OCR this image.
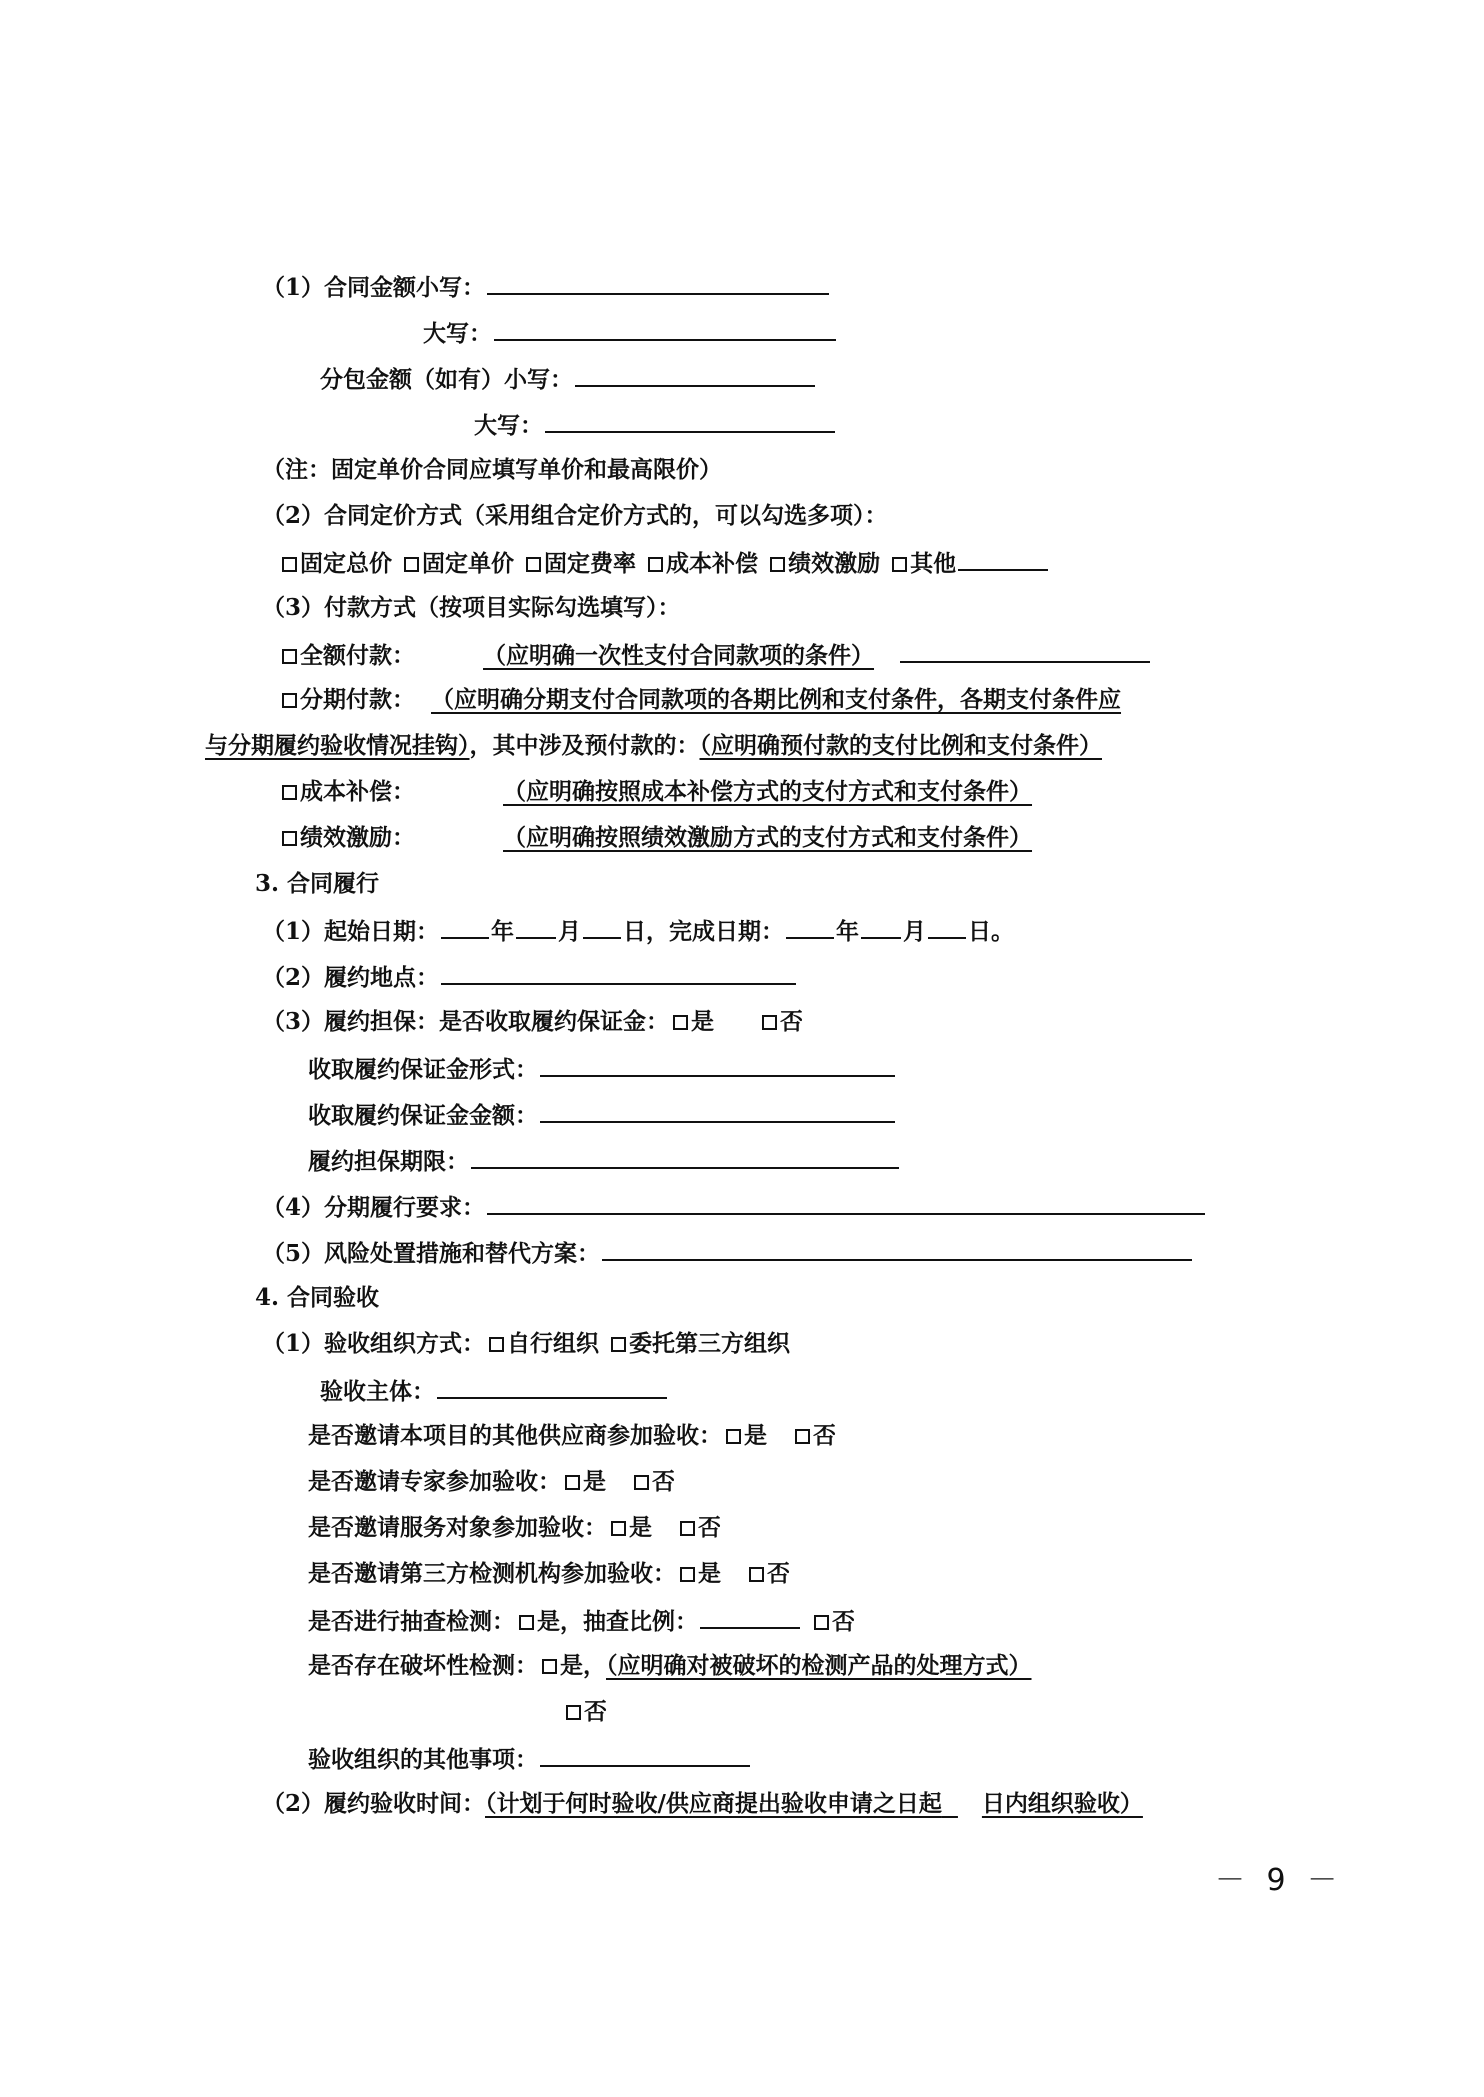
（1）合同金额小写：
大写：
分包金额（如有）小写：
大写：
（注：固定单价合同应填写单价和最高限价）
（2）合同定价方式（采用组合定价方式的，可以勾选多项）：
固定总价 固定单价 固定费率 成本补偿 绩效激励 其他
（3）付款方式（按项目实际勾选填写）：
全额付款：	（应明确一次性支付合同款项的条件）
分期付款： （应明确分期支付合同款项的各期比例和支付条件，各期支付条件应
与分期履约验收情况挂钩），其中涉及预付款的：（应明确预付款的支付比例和支付条件）
成本补偿：	（应明确按照成本补偿方式的支付方式和支付条件）
绩效激励：	（应明确按照绩效激励方式的支付方式和支付条件）
3. 合同履行
（1）起始日期： 年 月 日，完成日期： 年 月 日。
（2）履约地点：
（3）履约担保：是否收取履约保证金： 是	否
收取履约保证金形式：
收取履约保证金金额：
履约担保期限：
（4）分期履行要求：
（5）风险处置措施和替代方案：
4. 合同验收
（1）验收组织方式： 自行组织 委托第三方组织
验收主体：
是否邀请本项目的其他供应商参加验收： 是 否
是否邀请专家参加验收： 是 否
是否邀请服务对象参加验收： 是 否
是否邀请第三方检测机构参加验收： 是 否
是否进行抽查检测： 是，抽查比例：	否
是否存在破坏性检测： 是，（应明确对被破坏的检测产品的处理方式）
否
验收组织的其他事项：
（2）履约验收时间：（计划于何时验收/供应商提出验收申请之日起  日内组织验收）
－ 9 －
